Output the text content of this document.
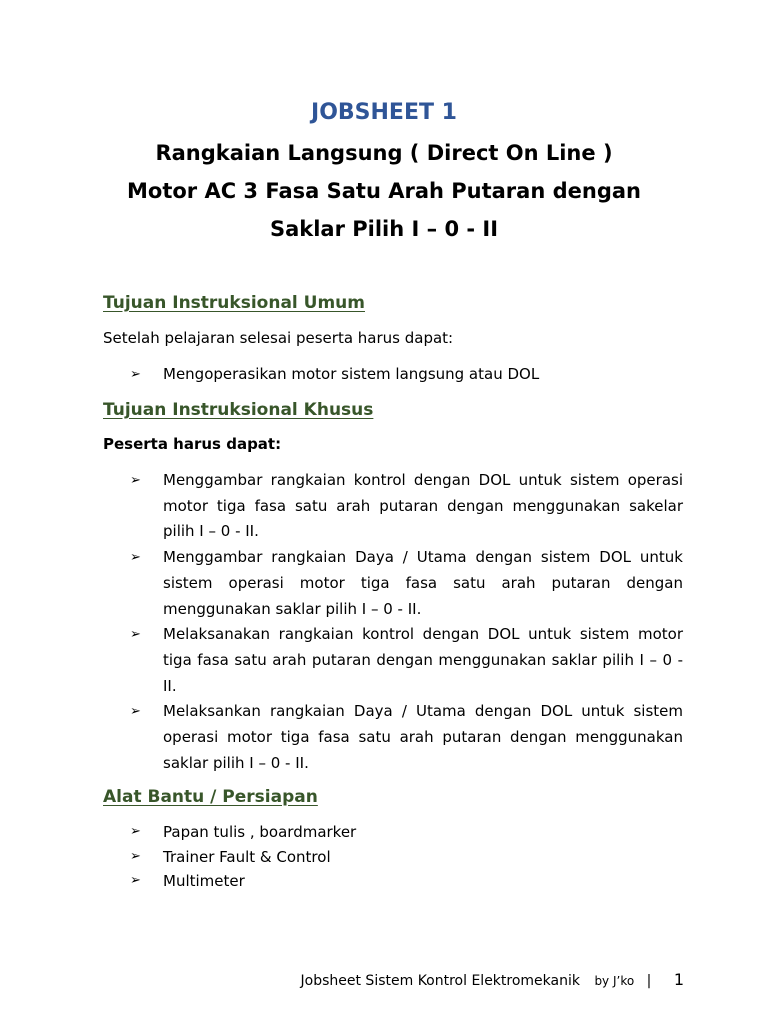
JOBSHEET 1
Rangkaian Langsung ( Direct On Line )
Motor AC 3 Fasa Satu Arah Putaran dengan
Saklar Pilih I – 0 - II
Tujuan Instruksional Umum
Setelah pelajaran selesai peserta harus dapat:
➢ Mengoperasikan motor sistem langsung atau DOL
Tujuan Instruksional Khusus
Peserta harus dapat:
➢ Menggambar rangkaian kontrol dengan DOL untuk sistem operasi motor tiga fasa satu arah putaran dengan menggunakan sakelar pilih I – 0 - II.
➢ Menggambar rangkaian Daya / Utama dengan sistem DOL untuk sistem operasi motor tiga fasa satu arah putaran dengan menggunakan saklar pilih I – 0 - II.
➢ Melaksanakan rangkaian kontrol dengan DOL untuk sistem motor tiga fasa satu arah putaran dengan menggunakan saklar pilih I – 0 - II.
➢ Melaksankan rangkaian Daya / Utama dengan DOL untuk sistem operasi motor tiga fasa satu arah putaran dengan menggunakan saklar pilih I – 0 - II.
Alat Bantu / Persiapan
➢ Papan tulis , boardmarker
➢ Trainer Fault & Control
➢ Multimeter
Jobsheet Sistem Kontrol Elektromekanik by J’ko | 1
